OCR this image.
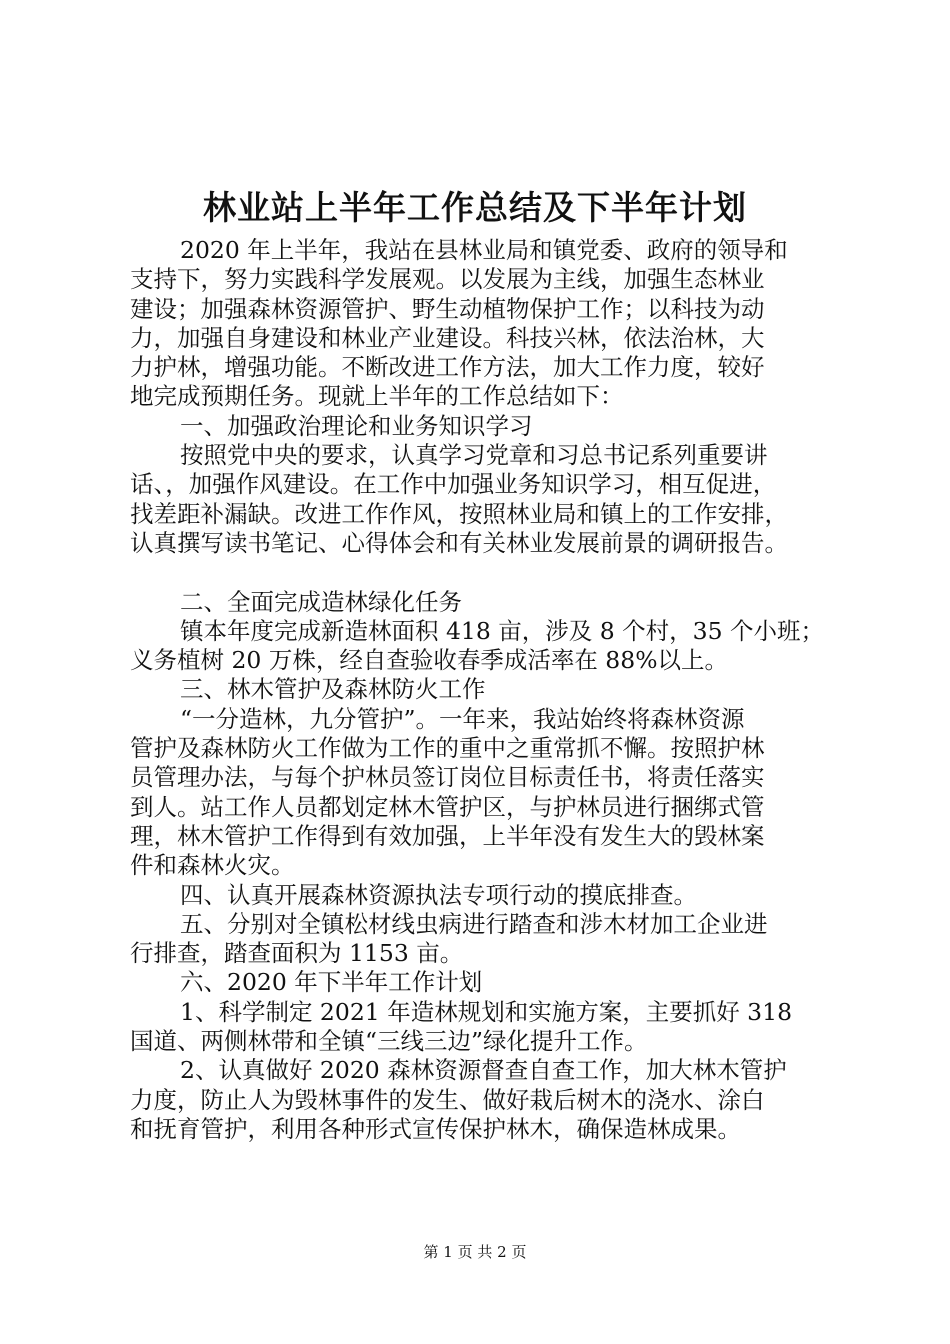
林业站上半年工作总结及下半年计划
2020 年上半年，我站在县林业局和镇党委、政府的领导和
支持下，努力实践科学发展观。以发展为主线，加强生态林业
建设；加强森林资源管护、野生动植物保护工作；以科技为动
力，加强自身建设和林业产业建设。科技兴林，依法治林，大
力护林，增强功能。不断改进工作方法，加大工作力度，较好
地完成预期任务。现就上半年的工作总结如下：
一、加强政治理论和业务知识学习
按照党中央的要求，认真学习党章和习总书记系列重要讲
话、，加强作风建设。在工作中加强业务知识学习，相互促进，
找差距补漏缺。改进工作作风，按照林业局和镇上的工作安排，
认真撰写读书笔记、心得体会和有关林业发展前景的调研报告。
二、全面完成造林绿化任务
镇本年度完成新造林面积 418 亩，涉及 8 个村，35 个小班；
义务植树 20 万株，经自查验收春季成活率在 88%以上。
三、林木管护及森林防火工作
“一分造林，九分管护”。一年来，我站始终将森林资源
管护及森林防火工作做为工作的重中之重常抓不懈。按照护林
员管理办法，与每个护林员签订岗位目标责任书，将责任落实
到人。站工作人员都划定林木管护区，与护林员进行捆绑式管
理，林木管护工作得到有效加强，上半年没有发生大的毁林案
件和森林火灾。
四、认真开展森林资源执法专项行动的摸底排查。
五、分别对全镇松材线虫病进行踏查和涉木材加工企业进
行排查，踏查面积为 1153 亩。
六、2020 年下半年工作计划
1、科学制定 2021 年造林规划和实施方案，主要抓好 318
国道、两侧林带和全镇“三线三边”绿化提升工作。
2、认真做好 2020 森林资源督查自查工作，加大林木管护
力度，防止人为毁林事件的发生、做好栽后树木的浇水、涂白
和抚育管护，利用各种形式宣传保护林木，确保造林成果。
第 1 页 共 2 页
